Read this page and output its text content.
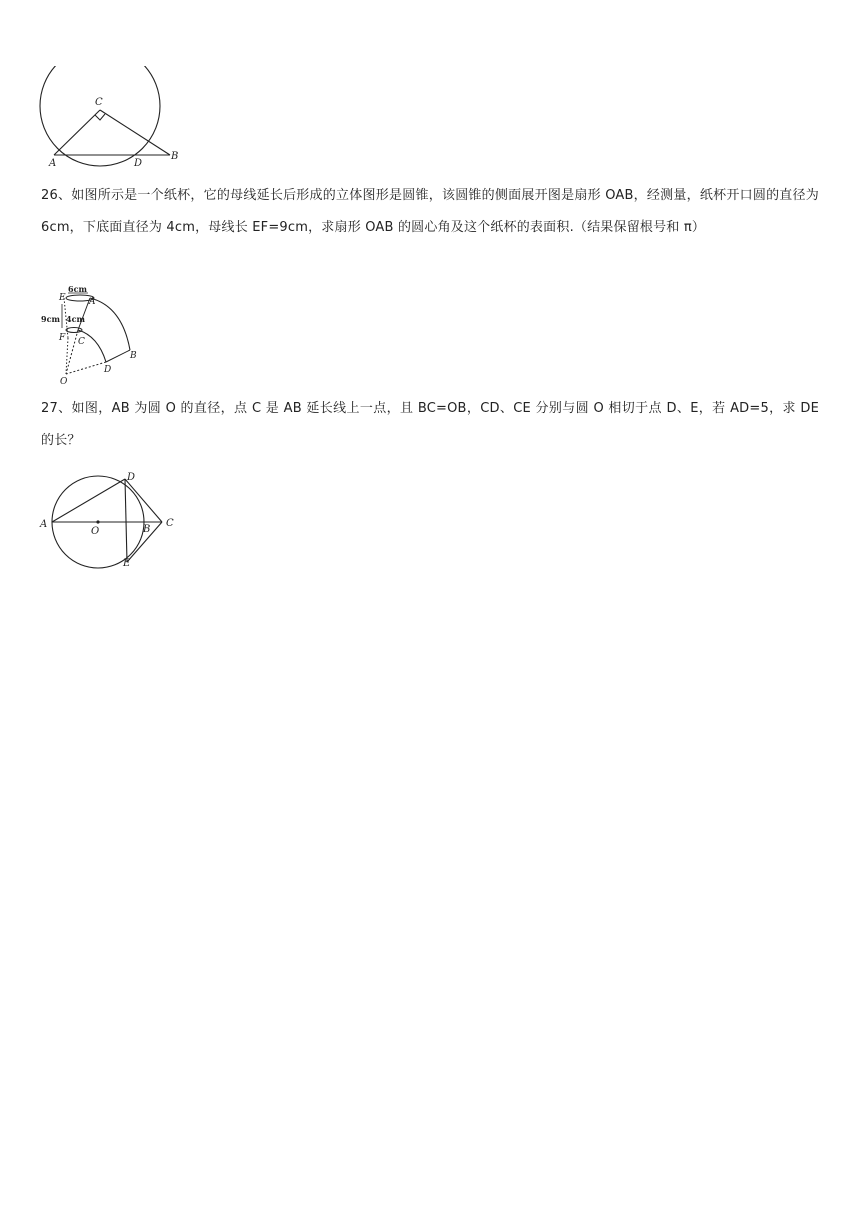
C
A	D
B

26、如图所示是一个纸杯，它的母线延长后形成的立体图形是圆锥，该圆锥的侧面展开图是扇形 OAB，经测量，纸杯开口圆的直径为 6cm，下底面直径为 4cm，母线长 EF=9cm，求扇形 OAB 的圆心角及这个纸杯的表面积.（结果保留根号和 π）

6cm
E	A
9cm 4cm
F C
B
D
O

27、如图，AB 为圆 O 的直径，点 C 是 AB 延长线上一点，且 BC=OB，CD、CE 分别与圆 O 相切于点 D、E，若 AD=5，求 DE 的长？

A
O	B
C
D
E
